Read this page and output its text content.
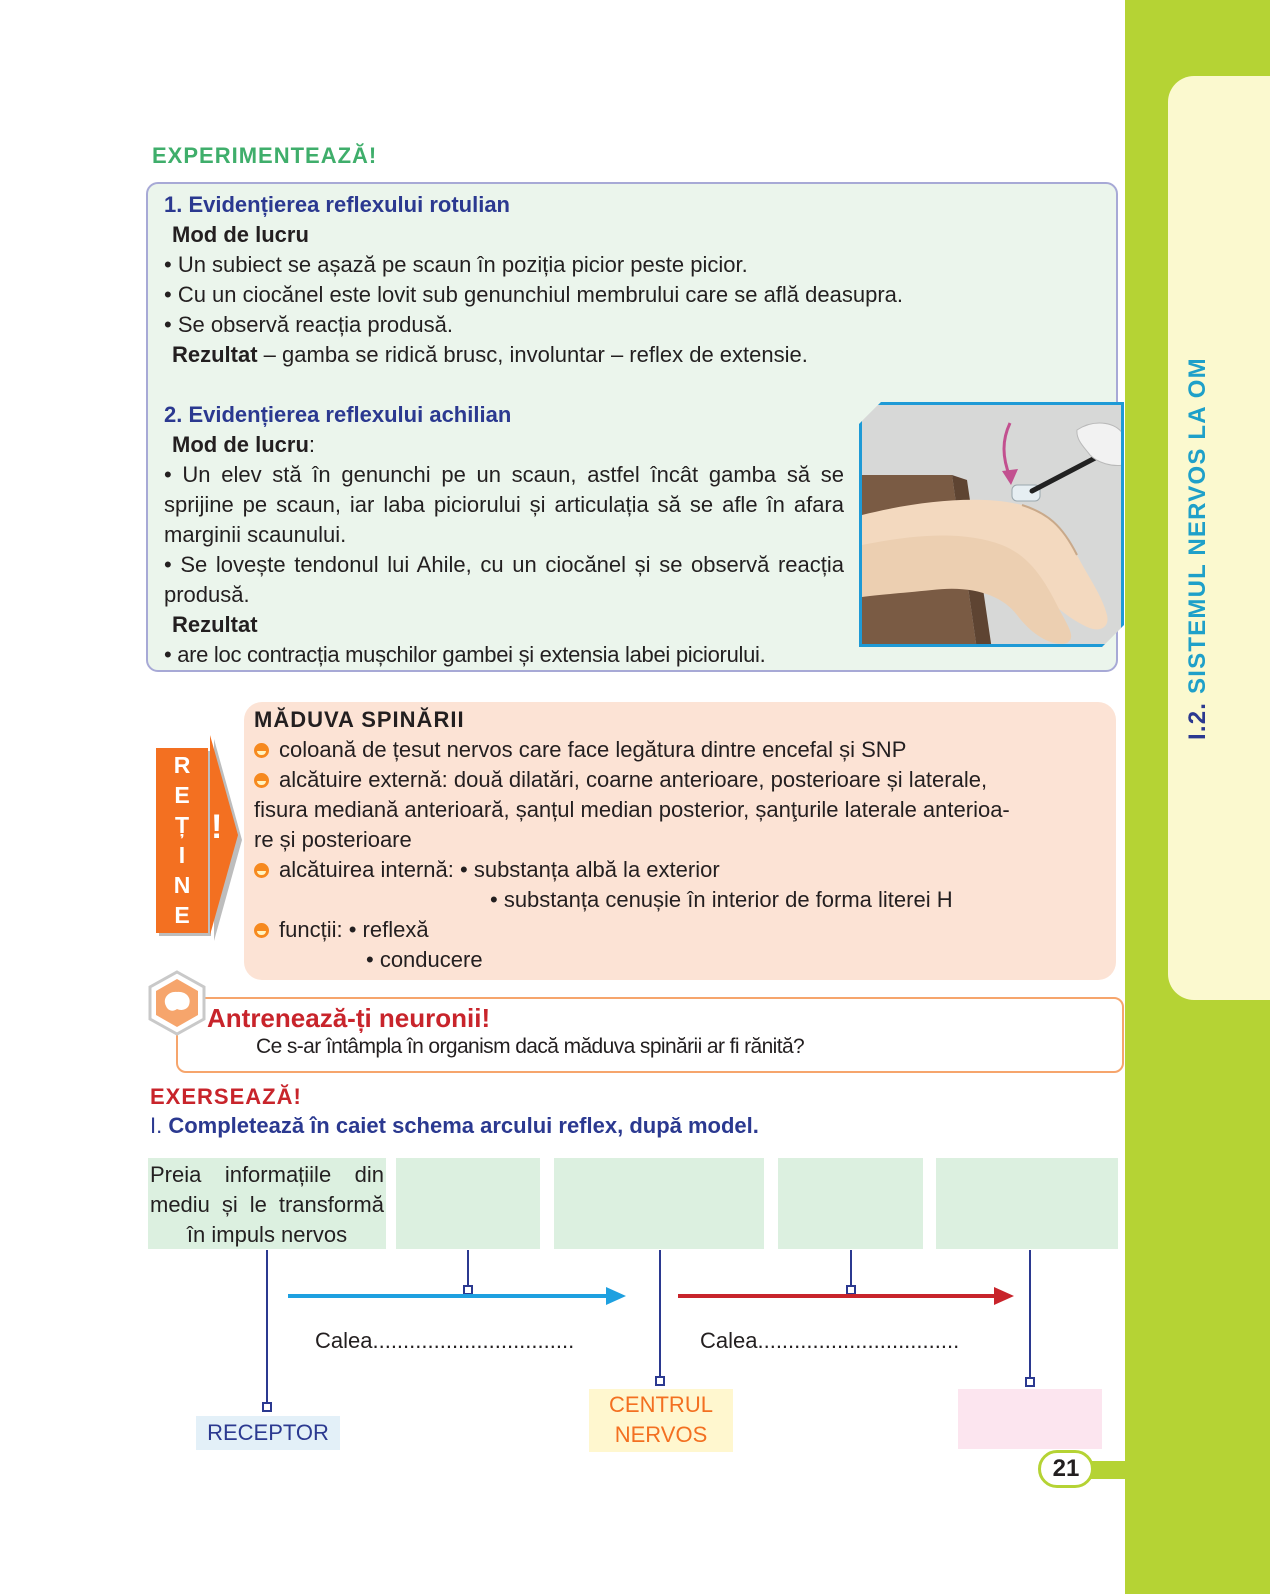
I.2. SISTEMUL NERVOS LA OM
EXPERIMENTEAZĂ!
1. Evidențierea reflexului rotulian
Mod de lucru
• Un subiect se așază pe scaun în poziția picior peste picior.
• Cu un ciocănel este lovit sub genunchiul membrului care se află deasupra.
• Se observă reacția produsă.
Rezultat – gamba se ridică brusc, involuntar – reflex de extensie.
2. Evidențierea reflexului achilian
Mod de lucru:
• Un elev stă în genunchi pe un scaun, astfel încât gamba să se sprijine pe scaun, iar laba piciorului și articulația să se afle în afara marginii scaunului.
• Se lovește tendonul lui Ahile, cu un ciocănel și se observă reacția produsă.
Rezultat
• are loc contracția mușchilor gambei și extensia labei piciorului.
R
E
Ț
I
N
E
!
MĂDUVA SPINĂRII
coloană de țesut nervos care face legătura dintre encefal și SNP
alcătuire externă: două dilatări, coarne anterioare, posterioare și laterale,
fisura mediană anterioară, șanțul median posterior, șanţurile laterale anterioa-
re și posterioare
alcătuirea internă: • substanța albă la exterior
• substanța cenușie în interior de forma literei H
funcții: • reflexă
• conducere
Antrenează-ți neuronii!
Ce s-ar întâmpla în organism dacă măduva spinării ar fi rănită?
EXERSEAZĂ!
I. Completează în caiet schema arcului reflex, după model.
Preia informațiile din
mediu și le transformă
în impuls nervos
Calea.................................	Calea.................................
RECEPTOR
CENTRUL
NERVOS
21
